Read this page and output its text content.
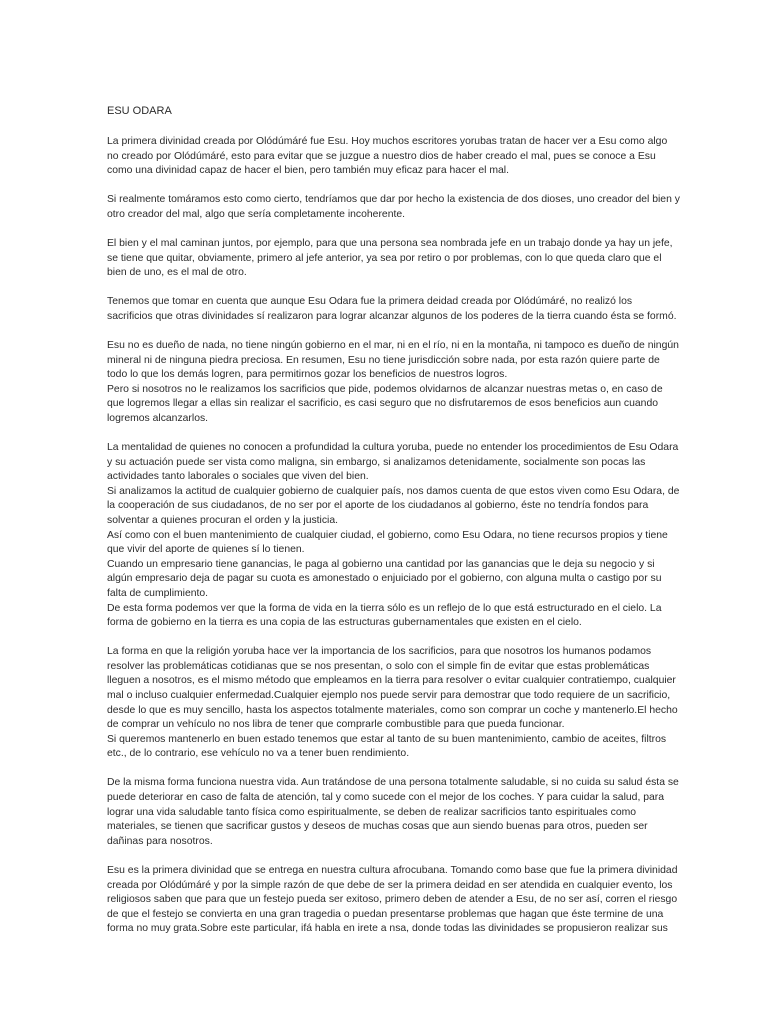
ESU ODARA
La primera divinidad creada por Olódúmáré fue Esu. Hoy muchos escritores yorubas tratan de hacer ver a Esu como algo
no creado por Olódúmáré, esto para evitar que se juzgue a nuestro dios de haber creado el mal, pues se conoce a Esu
como una divinidad capaz de hacer el bien, pero también muy eficaz para hacer el mal.
Si realmente tomáramos esto como cierto, tendríamos que dar por hecho la existencia de dos dioses, uno creador del bien y
otro creador del mal, algo que sería completamente incoherente.
El bien y el mal caminan juntos, por ejemplo, para que una persona sea nombrada jefe en un trabajo donde ya hay un jefe,
se tiene que quitar, obviamente, primero al jefe anterior, ya sea por retiro o por problemas, con lo que queda claro que el
bien de uno, es el mal de otro.
Tenemos que tomar en cuenta que aunque Esu Odara fue la primera deidad creada por Olódúmáré, no realizó los
sacrificios que otras divinidades sí realizaron para lograr alcanzar algunos de los poderes de la tierra cuando ésta se formó.
Esu no es dueño de nada, no tiene ningún gobierno en el mar, ni en el río, ni en la montaña, ni tampoco es dueño de ningún
mineral ni de ninguna piedra preciosa. En resumen, Esu no tiene jurisdicción sobre nada, por esta razón quiere parte de
todo lo que los demás logren, para permitirnos gozar los beneficios de nuestros logros.
Pero si nosotros no le realizamos los sacrificios que pide, podemos olvidarnos de alcanzar nuestras metas o, en caso de
que logremos llegar a ellas sin realizar el sacrificio, es casi seguro que no disfrutaremos de esos beneficios aun cuando
logremos alcanzarlos.
La mentalidad de quienes no conocen a profundidad la cultura yoruba, puede no entender los procedimientos de Esu Odara
y su actuación puede ser vista como maligna, sin embargo, si analizamos detenidamente, socialmente son pocas las
actividades tanto laborales o sociales que viven del bien.
Si analizamos la actitud de cualquier gobierno de cualquier país, nos damos cuenta de que estos viven como Esu Odara, de
la cooperación de sus ciudadanos, de no ser por el aporte de los ciudadanos al gobierno, éste no tendría fondos para
solventar a quienes procuran el orden y la justicia.
Así como con el buen mantenimiento de cualquier ciudad, el gobierno, como Esu Odara, no tiene recursos propios y tiene
que vivir del aporte de quienes sí lo tienen.
Cuando un empresario tiene ganancias, le paga al gobierno una cantidad por las ganancias que le deja su negocio y si
algún empresario deja de pagar su cuota es amonestado o enjuiciado por el gobierno, con alguna multa o castigo por su
falta de cumplimiento.
De esta forma podemos ver que la forma de vida en la tierra sólo es un reflejo de lo que está estructurado en el cielo. La
forma de gobierno en la tierra es una copia de las estructuras gubernamentales que existen en el cielo.
La forma en que la religión yoruba hace ver la importancia de los sacrificios, para que nosotros los humanos podamos
resolver las problemáticas cotidianas que se nos presentan, o solo con el simple fin de evitar que estas problemáticas
lleguen a nosotros, es el mismo método que empleamos en la tierra para resolver o evitar cualquier contratiempo, cualquier
mal o incluso cualquier enfermedad.Cualquier ejemplo nos puede servir para demostrar que todo requiere de un sacrificio,
desde lo que es muy sencillo, hasta los aspectos totalmente materiales, como son comprar un coche y mantenerlo.El hecho
de comprar un vehículo no nos libra de tener que comprarle combustible para que pueda funcionar.
Si queremos mantenerlo en buen estado tenemos que estar al tanto de su buen mantenimiento, cambio de aceites, filtros
etc., de lo contrario, ese vehículo no va a tener buen rendimiento.
De la misma forma funciona nuestra vida. Aun tratándose de una persona totalmente saludable, si no cuida su salud ésta se
puede deteriorar en caso de falta de atención, tal y como sucede con el mejor de los coches. Y para cuidar la salud, para
lograr una vida saludable tanto física como espiritualmente, se deben de realizar sacrificios tanto espirituales como
materiales, se tienen que sacrificar gustos y deseos de muchas cosas que aun siendo buenas para otros, pueden ser
dañinas para nosotros.
Esu es la primera divinidad que se entrega en nuestra cultura afrocubana. Tomando como base que fue la primera divinidad
creada por Olódúmáré y por la simple razón de que debe de ser la primera deidad en ser atendida en cualquier evento, los
religiosos saben que para que un festejo pueda ser exitoso, primero deben de atender a Esu, de no ser así, corren el riesgo
de que el festejo se convierta en una gran tragedia o puedan presentarse problemas que hagan que éste termine de una
forma no muy grata.Sobre este particular, ifá habla en irete a nsa, donde todas las divinidades se propusieron realizar sus
